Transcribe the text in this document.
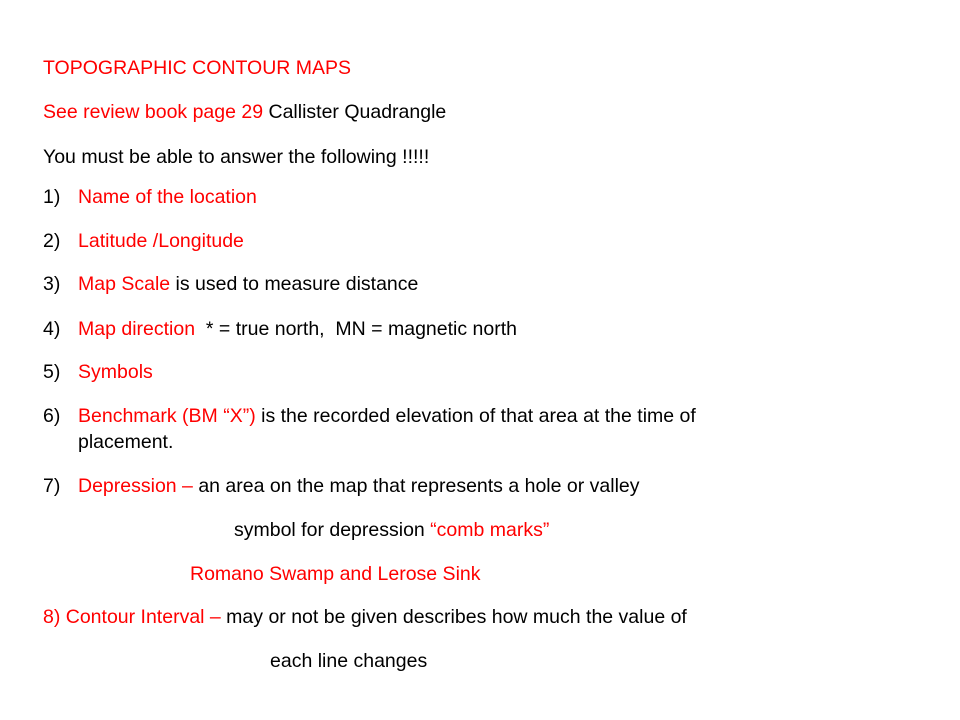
TOPOGRAPHIC CONTOUR MAPS
See review book page 29 Callister Quadrangle
You must be able to answer the following !!!!!
1) Name of the location
2) Latitude /Longitude
3) Map Scale is used to measure distance
4) Map direction  * = true north,  MN = magnetic north
5) Symbols
6) Benchmark (BM “X”) is the recorded elevation of that area at the time of
placement.
7) Depression – an area on the map that represents a hole or valley
symbol for depression “comb marks”
Romano Swamp and Lerose Sink
8) Contour Interval – may or not be given describes how much the value of
each line changes
